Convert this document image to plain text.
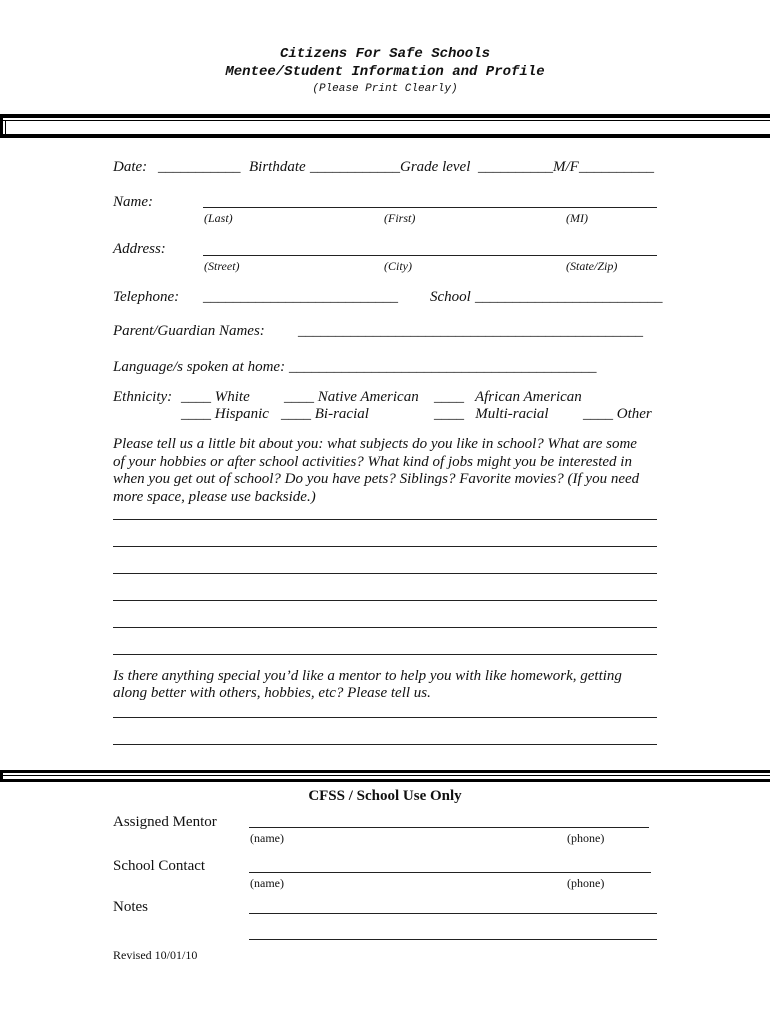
Citizens For Safe Schools
Mentee/Student Information and Profile
(Please Print Clearly)
Date: ___________ Birthdate ____________ Grade level __________ M/F __________
Name:
(Last)	(First)	(MI)
Address:
(Street)	(City)	(State/Zip)
Telephone: __________________________ School _________________________
Parent/Guardian Names: ______________________________________________
Language/s spoken at home: _________________________________________
Ethnicity: ____ White ____ Native American ____   African American
____ Hispanic ____ Bi-racial	____   Multi-racial ____ Other
Please tell us a little bit about you: what subjects do you like in school? What are some
of your hobbies or after school activities? What kind of jobs might you be interested in
when you get out of school? Do you have pets? Siblings? Favorite movies? (If you need
more space, please use backside.)
Is there anything special you’d like a mentor to help you with like homework, getting
along better with others, hobbies, etc? Please tell us.
CFSS / School Use Only
Assigned Mentor
(name)	(phone)
School Contact
(name)	(phone)
Notes
Revised 10/01/10
